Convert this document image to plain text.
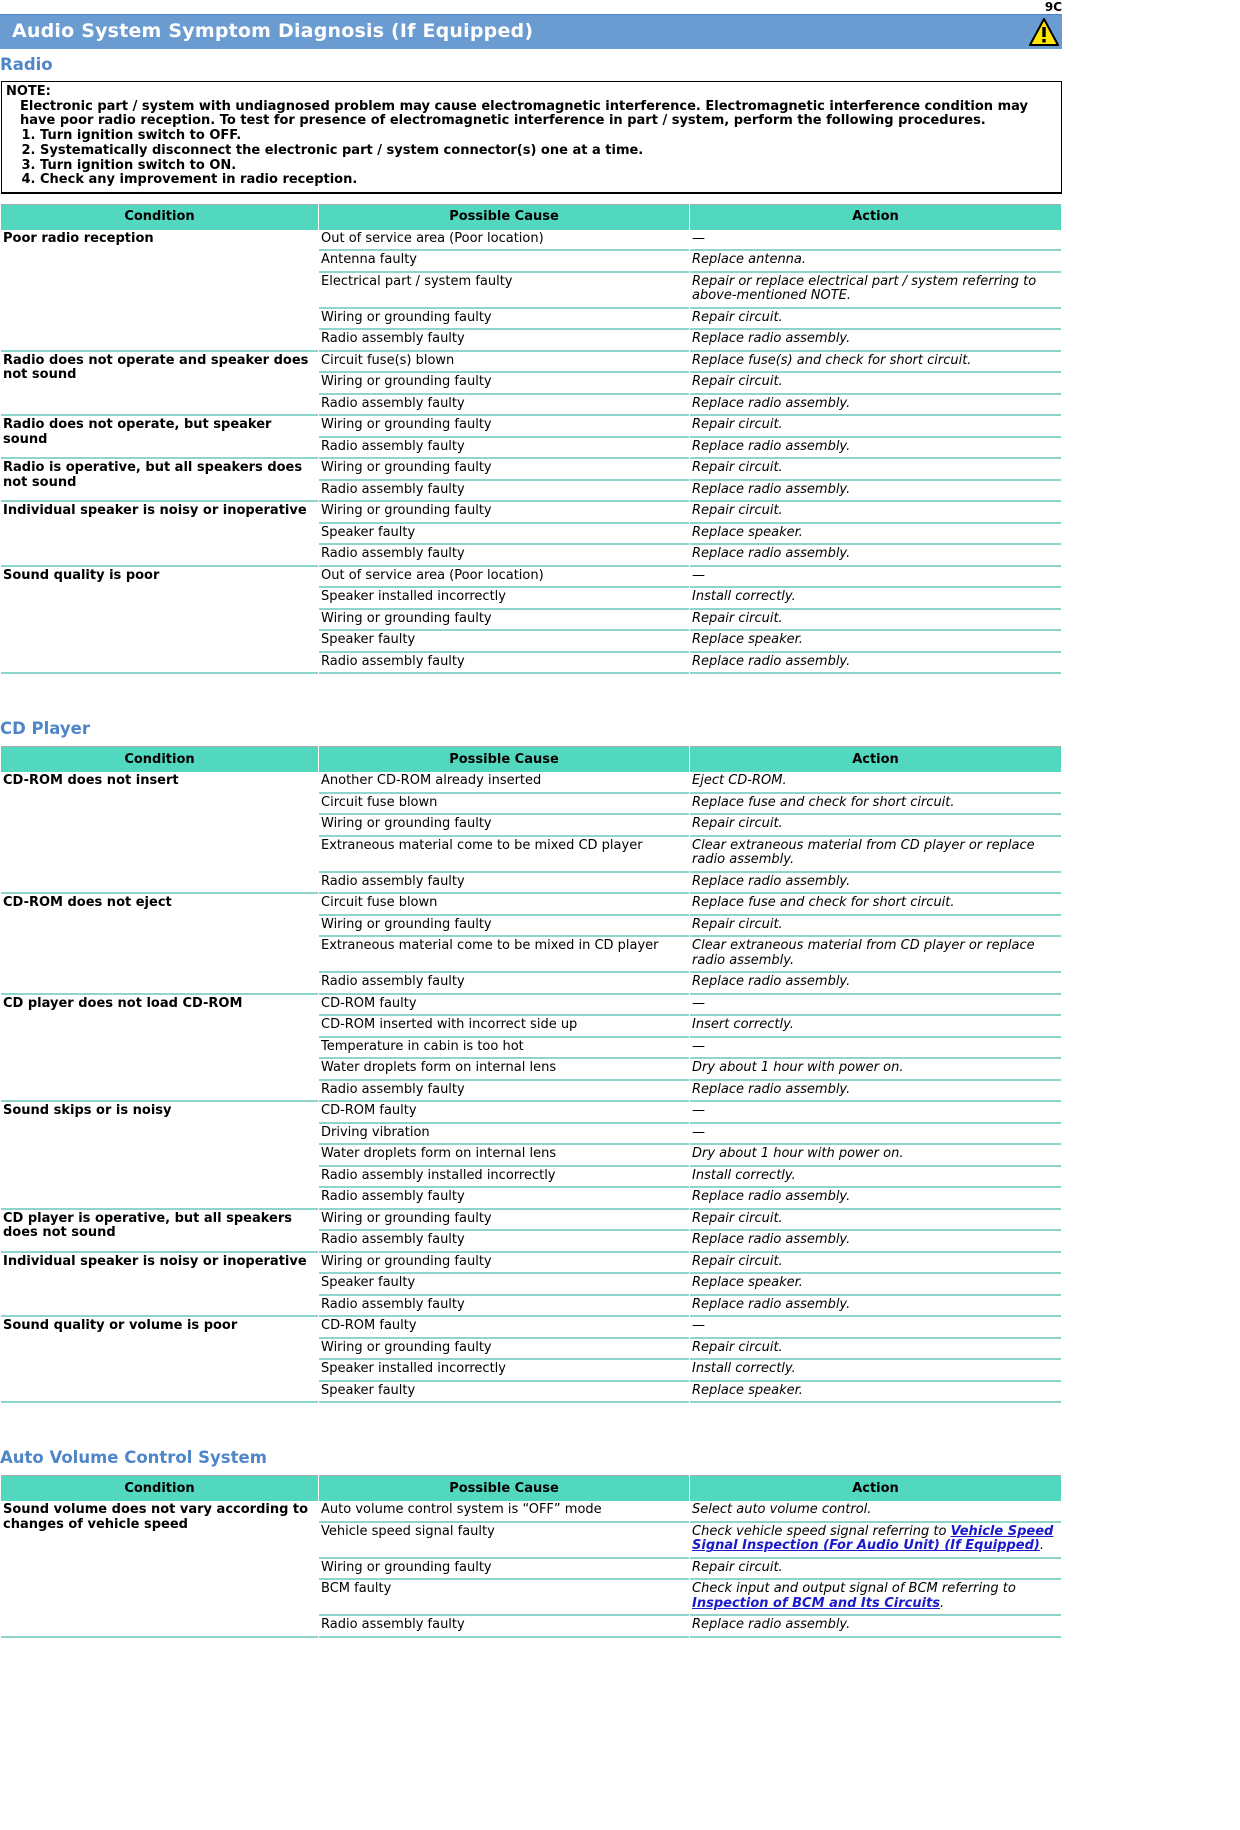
9C
Audio System Symptom Diagnosis (If Equipped)
Radio
NOTE:
Electronic part / system with undiagnosed problem may cause electromagnetic interference. Electromagnetic interference condition may have poor radio reception. To test for presence of electromagnetic interference in part / system, perform the following procedures.
1. Turn ignition switch to OFF.
2. Systematically disconnect the electronic part / system connector(s) one at a time.
3. Turn ignition switch to ON.
4. Check any improvement in radio reception.
Condition	Possible Cause	Action
Poor radio reception	Out of service area (Poor location)	—
	Antenna faulty	Replace antenna.
	Electrical part / system faulty	Repair or replace electrical part / system referring to above-mentioned NOTE.
	Wiring or grounding faulty	Repair circuit.
	Radio assembly faulty	Replace radio assembly.
Radio does not operate and speaker does not sound	Circuit fuse(s) blown	Replace fuse(s) and check for short circuit.
	Wiring or grounding faulty	Repair circuit.
	Radio assembly faulty	Replace radio assembly.
Radio does not operate, but speaker sound	Wiring or grounding faulty	Repair circuit.
	Radio assembly faulty	Replace radio assembly.
Radio is operative, but all speakers does not sound	Wiring or grounding faulty	Repair circuit.
	Radio assembly faulty	Replace radio assembly.
Individual speaker is noisy or inoperative	Wiring or grounding faulty	Repair circuit.
	Speaker faulty	Replace speaker.
	Radio assembly faulty	Replace radio assembly.
Sound quality is poor	Out of service area (Poor location)	—
	Speaker installed incorrectly	Install correctly.
	Wiring or grounding faulty	Repair circuit.
	Speaker faulty	Replace speaker.
	Radio assembly faulty	Replace radio assembly.
CD Player
Condition	Possible Cause	Action
CD-ROM does not insert	Another CD-ROM already inserted	Eject CD-ROM.
	Circuit fuse blown	Replace fuse and check for short circuit.
	Wiring or grounding faulty	Repair circuit.
	Extraneous material come to be mixed CD player	Clear extraneous material from CD player or replace radio assembly.
	Radio assembly faulty	Replace radio assembly.
CD-ROM does not eject	Circuit fuse blown	Replace fuse and check for short circuit.
	Wiring or grounding faulty	Repair circuit.
	Extraneous material come to be mixed in CD player	Clear extraneous material from CD player or replace radio assembly.
	Radio assembly faulty	Replace radio assembly.
CD player does not load CD-ROM	CD-ROM faulty	—
	CD-ROM inserted with incorrect side up	Insert correctly.
	Temperature in cabin is too hot	—
	Water droplets form on internal lens	Dry about 1 hour with power on.
	Radio assembly faulty	Replace radio assembly.
Sound skips or is noisy	CD-ROM faulty	—
	Driving vibration	—
	Water droplets form on internal lens	Dry about 1 hour with power on.
	Radio assembly installed incorrectly	Install correctly.
	Radio assembly faulty	Replace radio assembly.
CD player is operative, but all speakers does not sound	Wiring or grounding faulty	Repair circuit.
	Radio assembly faulty	Replace radio assembly.
Individual speaker is noisy or inoperative	Wiring or grounding faulty	Repair circuit.
	Speaker faulty	Replace speaker.
	Radio assembly faulty	Replace radio assembly.
Sound quality or volume is poor	CD-ROM faulty	—
	Wiring or grounding faulty	Repair circuit.
	Speaker installed incorrectly	Install correctly.
	Speaker faulty	Replace speaker.
Auto Volume Control System
Condition	Possible Cause	Action
Sound volume does not vary according to changes of vehicle speed	Auto volume control system is “OFF” mode	Select auto volume control.
	Vehicle speed signal faulty	Check vehicle speed signal referring to Vehicle Speed Signal Inspection (For Audio Unit) (If Equipped).
	Wiring or grounding faulty	Repair circuit.
	BCM faulty	Check input and output signal of BCM referring to Inspection of BCM and Its Circuits.
	Radio assembly faulty	Replace radio assembly.
